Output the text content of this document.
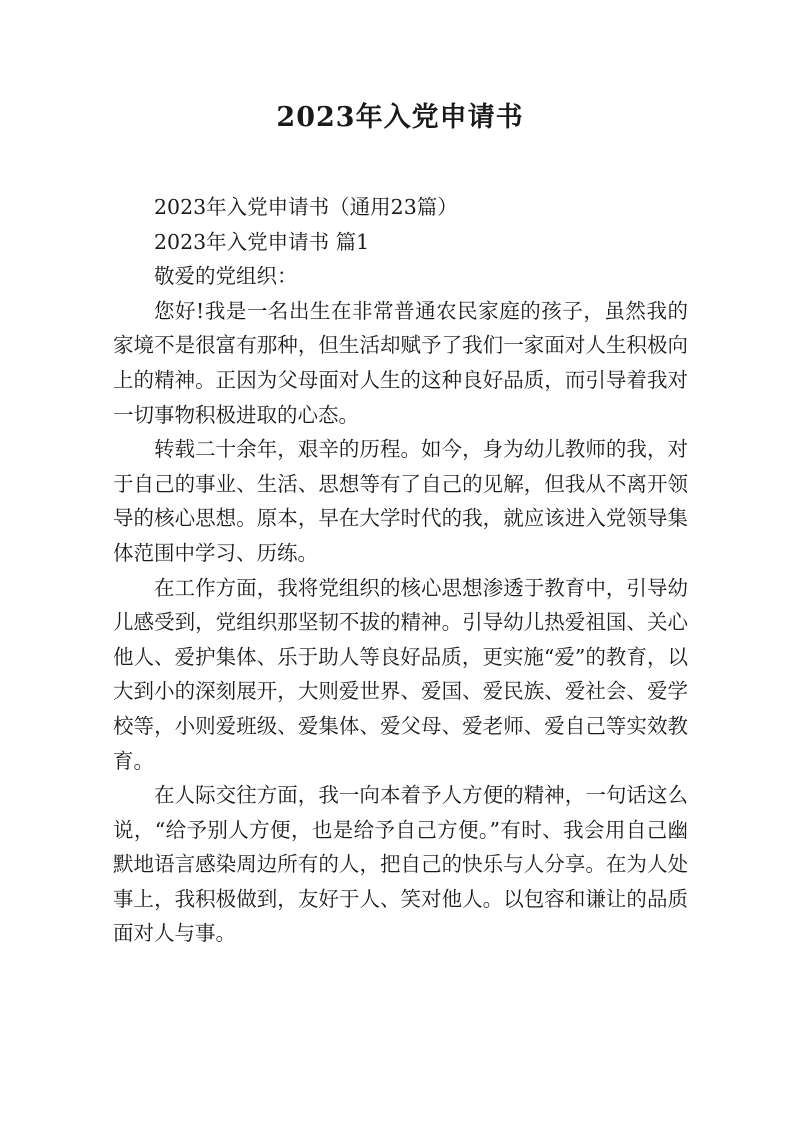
2023年入党申请书

2023年入党申请书（通用23篇）

2023年入党申请书 篇1

敬爱的党组织：

您好!我是一名出生在非常普通农民家庭的孩子，虽然我的家境不是很富有那种，但生活却赋予了我们一家面对人生积极向上的精神。正因为父母面对人生的这种良好品质，而引导着我对一切事物积极进取的心态。

转载二十余年，艰辛的历程。如今，身为幼儿教师的我，对于自己的事业、生活、思想等有了自己的见解，但我从不离开领导的核心思想。原本，早在大学时代的我，就应该进入党领导集体范围中学习、历练。

在工作方面，我将党组织的核心思想渗透于教育中，引导幼儿感受到，党组织那坚韧不拔的精神。引导幼儿热爱祖国、关心他人、爱护集体、乐于助人等良好品质，更实施“爱”的教育，以大到小的深刻展开，大则爱世界、爱国、爱民族、爱社会、爱学校等，小则爱班级、爱集体、爱父母、爱老师、爱自己等实效教育。

在人际交往方面，我一向本着予人方便的精神，一句话这么说，“给予别人方便，也是给予自己方便。”有时、我会用自己幽默地语言感染周边所有的人，把自己的快乐与人分享。在为人处事上，我积极做到，友好于人、笑对他人。以包容和谦让的品质面对人与事。
